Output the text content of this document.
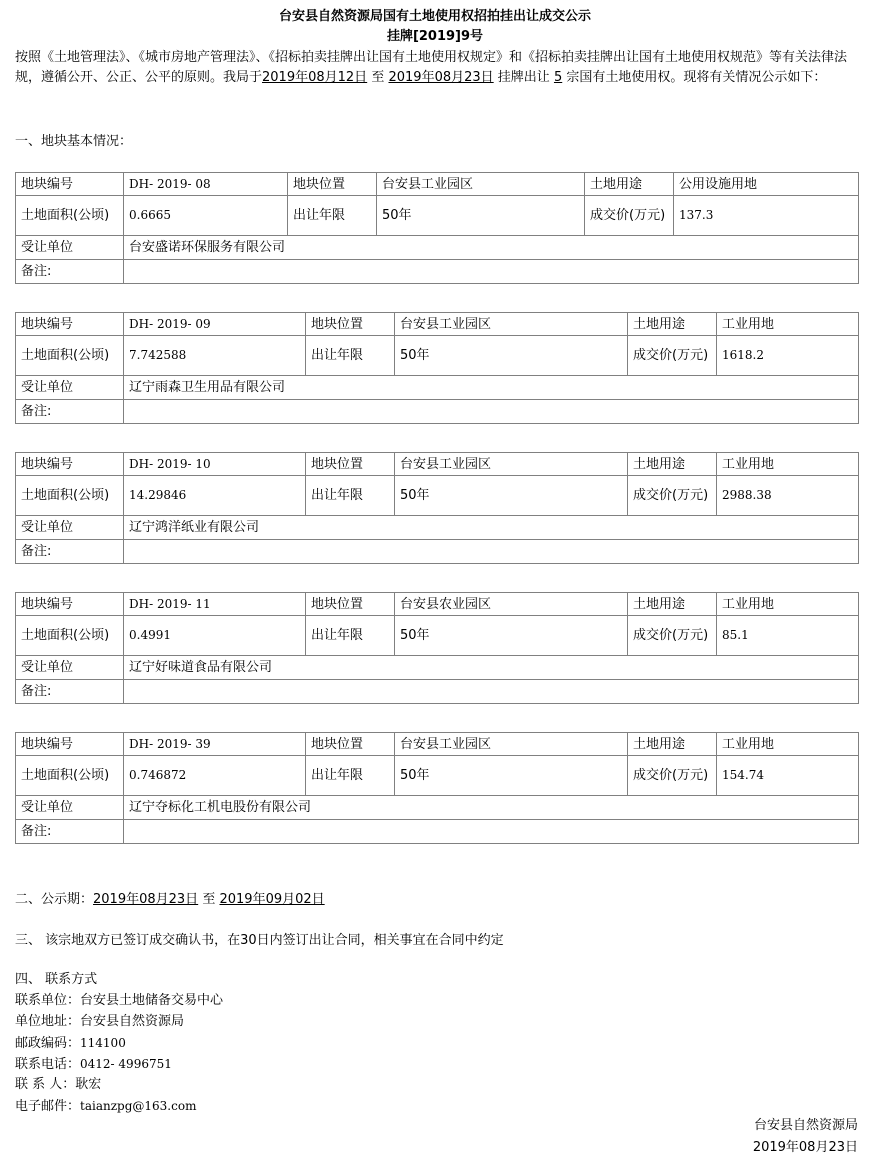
台安县自然资源局国有土地使用权招拍挂出让成交公示
挂牌[2019]9号
按照《土地管理法》、《城市房地产管理法》、《招标拍卖挂牌出让国有土地使用权规定》和《招标拍卖挂牌出让国有土地使用权规范》等有关法律法规，遵循公开、公正、公平的原则。我局于2019年08月12日 至 2019年08月23日 挂牌出让 5 宗国有土地使用权。现将有关情况公示如下：
一、地块基本情况：
地块编号	DH- 2019- 08	地块位置	台安县工业园区	土地用途	公用设施用地
土地面积(公顷)	0.6665	出让年限	50年	成交价(万元)	137.3
受让单位	台安盛诺环保服务有限公司				
备注:					
地块编号	DH- 2019- 09	地块位置	台安县工业园区	土地用途	工业用地
土地面积(公顷)	7.742588	出让年限	50年	成交价(万元)	1618.2
受让单位	辽宁雨森卫生用品有限公司				
备注:					
地块编号	DH- 2019- 10	地块位置	台安县工业园区	土地用途	工业用地
土地面积(公顷)	14.29846	出让年限	50年	成交价(万元)	2988.38
受让单位	辽宁鸿洋纸业有限公司				
备注:					
地块编号	DH- 2019- 11	地块位置	台安县农业园区	土地用途	工业用地
土地面积(公顷)	0.4991	出让年限	50年	成交价(万元)	85.1
受让单位	辽宁好味道食品有限公司				
备注:					
地块编号	DH- 2019- 39	地块位置	台安县工业园区	土地用途	工业用地
土地面积(公顷)	0.746872	出让年限	50年	成交价(万元)	154.74
受让单位	辽宁夺标化工机电股份有限公司				
备注:					
二、公示期：2019年08月23日 至 2019年09月02日
三、 该宗地双方已签订成交确认书，在30日内签订出让合同，相关事宜在合同中约定
四、 联系方式
联系单位：台安县土地储备交易中心
单位地址：台安县自然资源局
邮政编码：114100
联系电话：0412- 4996751
联 系 人：耿宏
电子邮件：taianzpg@163.com
台安县自然资源局
2019年08月23日
